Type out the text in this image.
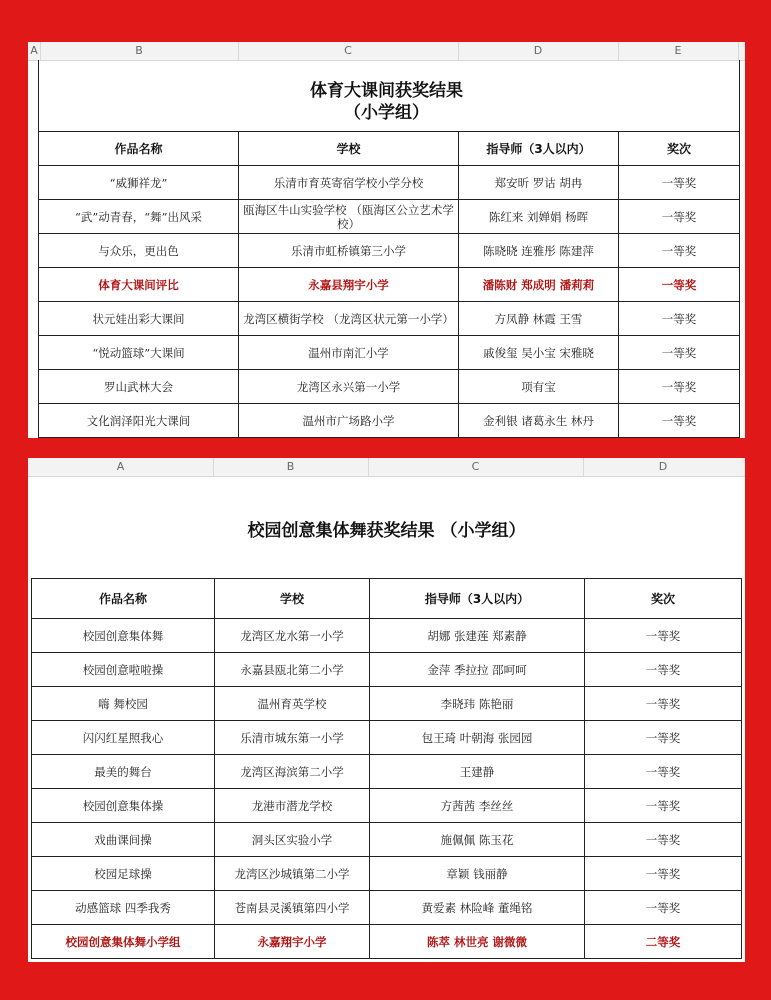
A	B	C	D	E
体育大课间获奖结果
（小学组）
作品名称	学校	指导师（3人以内）	奖次
“威狮祥龙”	乐清市育英寄宿学校小学分校	郑安昕 罗诂 胡冉	一等奖
“武”动青春，“舞”出风采	瓯海区牛山实验学校 （瓯海区公立艺术学校）	陈红来 刘婵娟 杨晖	一等奖
与众乐，更出色	乐清市虹桥镇第三小学	陈晓晓 连雅彤 陈建萍	一等奖
体育大课间评比	永嘉县翔宇小学	潘陈财 郑成明 潘莉莉	一等奖
状元娃出彩大课间	龙湾区横街学校 （龙湾区状元第一小学）	方凤静 林霞 王雪	一等奖
“悦动篮球”大课间	温州市南汇小学	戚俊玺 吴小宝 宋雅晓	一等奖
罗山武林大会	龙湾区永兴第一小学	项有宝	一等奖
文化润泽阳光大课间	温州市广场路小学	金利银 诸葛永生 林丹	一等奖

A	B	C	D
校园创意集体舞获奖结果 （小学组）
作品名称	学校	指导师（3人以内）	奖次
校园创意集体舞	龙湾区龙水第一小学	胡娜 张建莲 郑素静	一等奖
校园创意啦啦操	永嘉县瓯北第二小学	金萍 季拉拉 邵呵呵	一等奖
嗨 舞校园	温州育英学校	李晓玮 陈艳丽	一等奖
闪闪红星照我心	乐清市城东第一小学	包王琦 叶朝海 张园园	一等奖
最美的舞台	龙湾区海滨第二小学	王建静	一等奖
校园创意集体操	龙港市潜龙学校	方茜茜 李丝丝	一等奖
戏曲课间操	洞头区实验小学	施佩佩 陈玉花	一等奖
校园足球操	龙湾区沙城镇第二小学	章颖 钱丽静	一等奖
动感篮球 四季我秀	苍南县灵溪镇第四小学	黄爱素 林险峰 董绳铭	一等奖
校园创意集体舞小学组	永嘉翔宇小学	陈萃 林世亮 谢微微	二等奖
